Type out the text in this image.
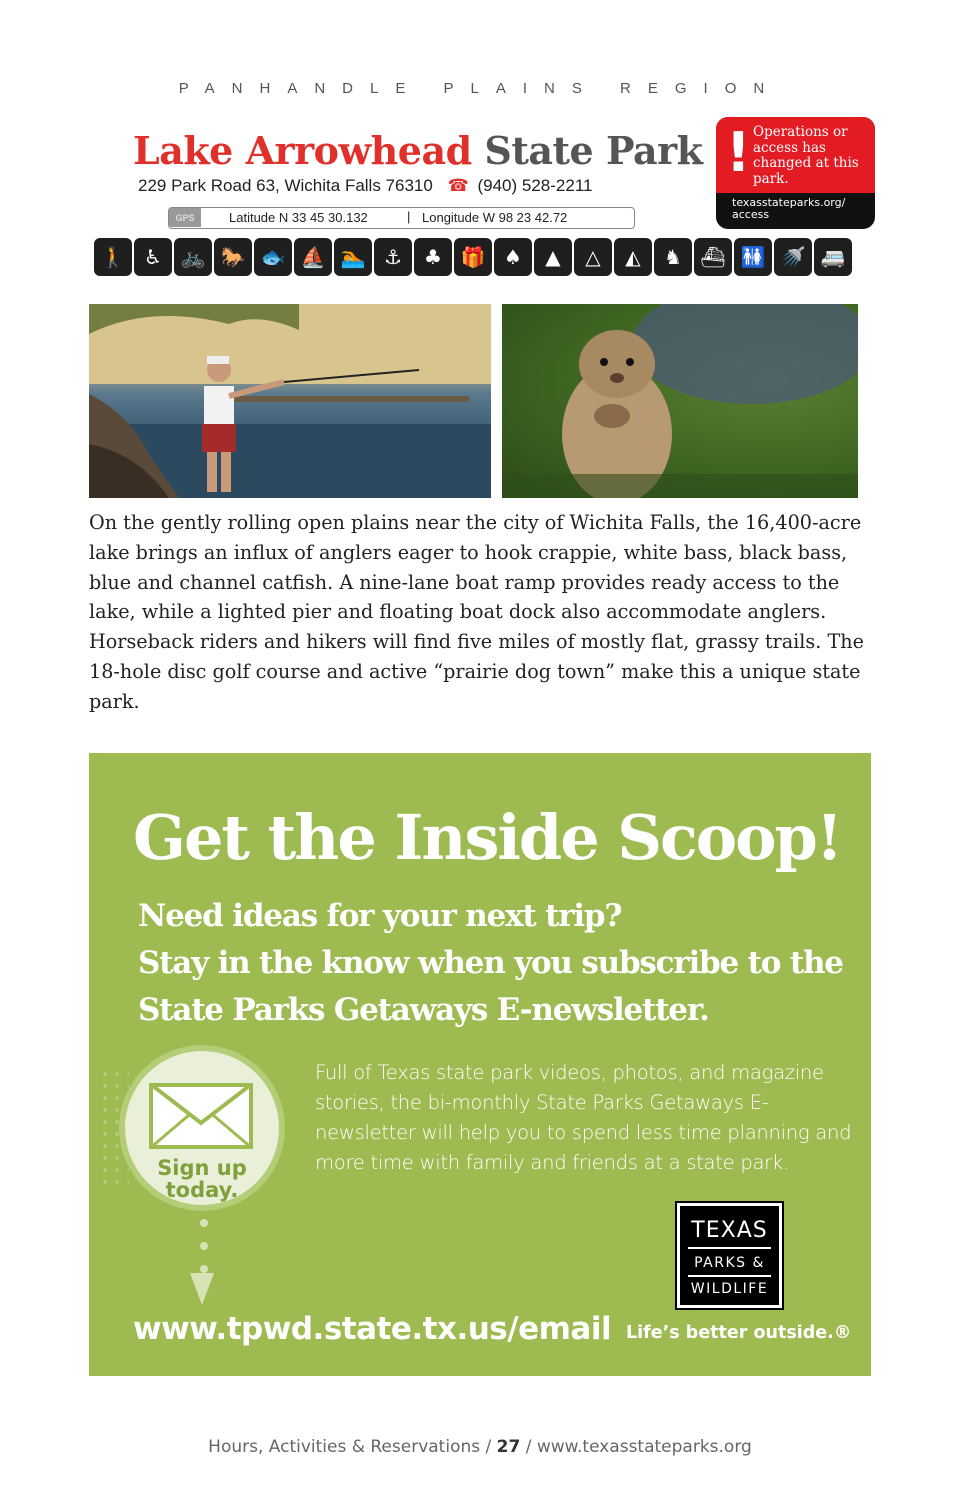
PANHANDLE PLAINS REGION
Lake Arrowhead State Park
229 Park Road 63, Wichita Falls 76310 ☎ (940) 528-2211
GPS	Latitude N 33 45 30.132	| Longitude W 98 23 42.72
! Operations or access has changed at this park.
texasstateparks.org/ access
🚶 ♿ 🚲 🐎 🐟 ⛵ 🏊 ⚓	♣ 🎁 ♠	▲	△	◭	♞ ⛴ 🚻 🚿 🚐
On the gently rolling open plains near the city of Wichita Falls, the 16,400-acre lake brings an influx of anglers eager to hook crappie, white bass, black bass, blue and channel catfish. A nine-lane boat ramp provides ready access to the lake, while a lighted pier and floating boat dock also accommodate anglers. Horseback riders and hikers will find five miles of mostly flat, grassy trails. The 18-hole disc golf course and active “prairie dog town” make this a unique state park.
Get the Inside Scoop!
Need ideas for your next trip?
Stay in the know when you subscribe to the
State Parks Getaways E-newsletter.
Sign up
today.
Full of Texas state park videos, photos, and magazine stories, the bi-monthly State Parks Getaways E-newsletter will help you to spend less time planning and more time with family and friends at a state park.
TEXAS
PARKS &
WILDLIFE
www.tpwd.state.tx.us/email Life’s better outside.®
Hours, Activities & Reservations / 27 / www.texasstateparks.org
